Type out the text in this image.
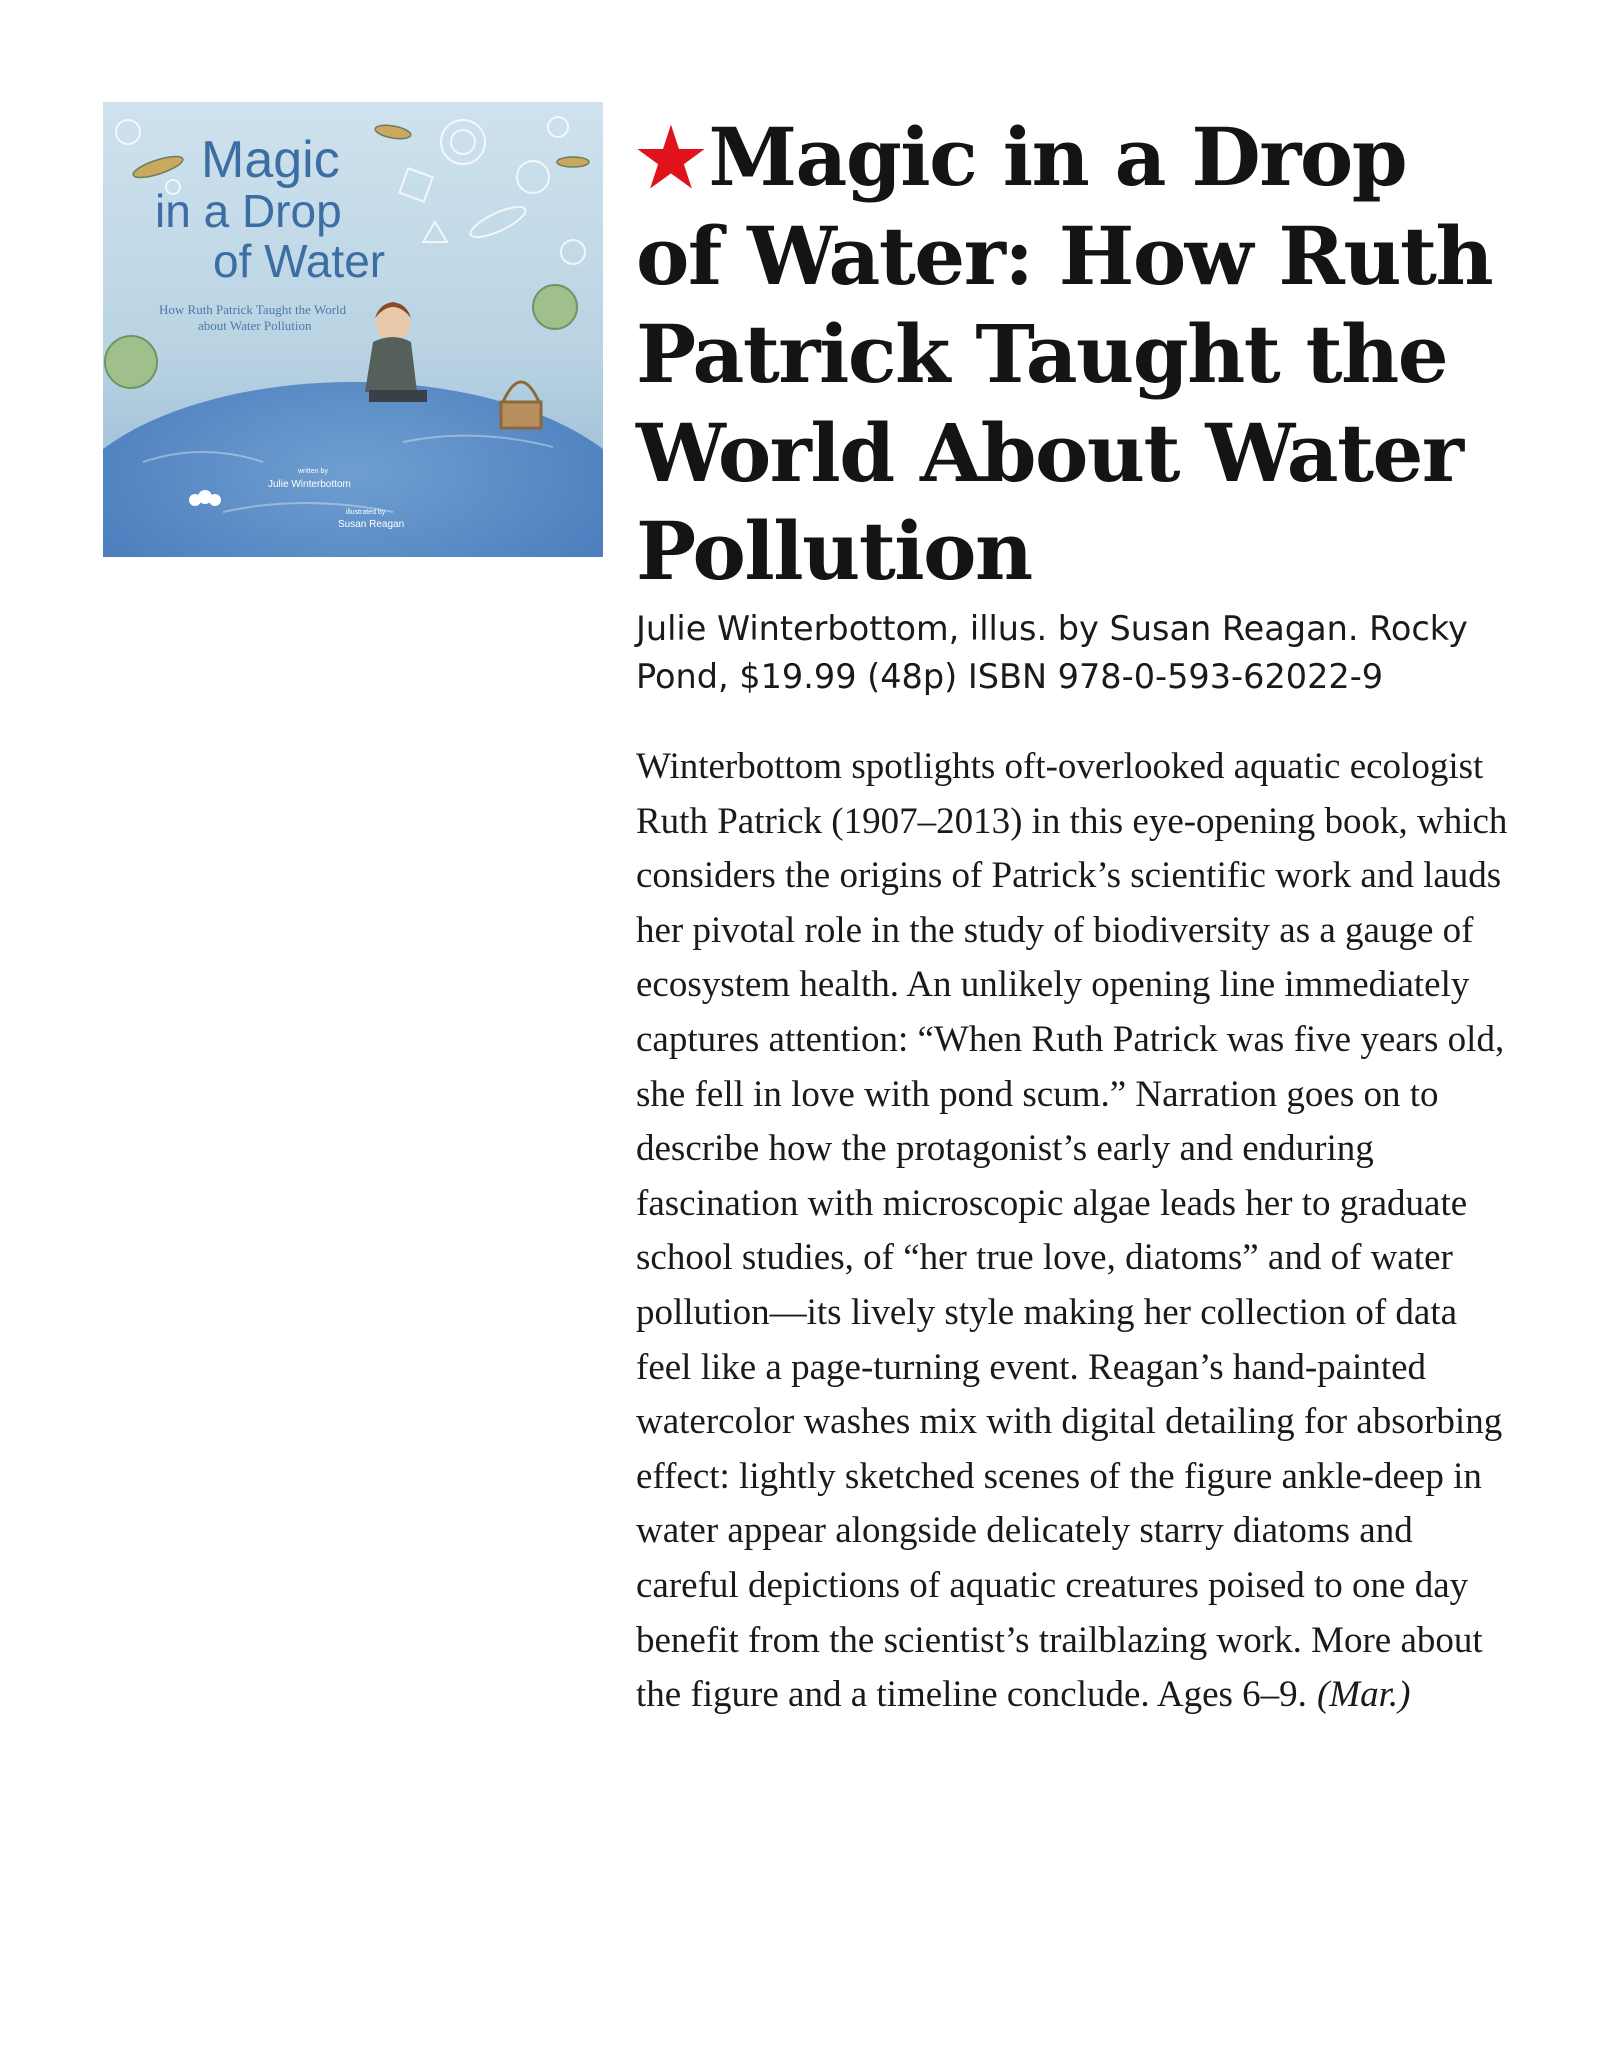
Magic
in a Drop
of Water
How Ruth Patrick Taught the World
about Water Pollution
written by
Julie Winterbottom
illustrated by
Susan Reagan
★Magic in a Drop of Water: How Ruth Patrick Taught the World About Water Pollution

Julie Winterbottom, illus. by Susan Reagan. Rocky Pond, $19.99 (48p) ISBN 978-0-593-62022-9

Winterbottom spotlights oft-overlooked aquatic ecologist Ruth Patrick (1907–2013) in this eye-opening book, which considers the origins of Patrick’s scientific work and lauds her pivotal role in the study of biodiversity as a gauge of ecosystem health. An unlikely opening line immediately captures attention: “When Ruth Patrick was five years old, she fell in love with pond scum.” Narration goes on to describe how the protagonist’s early and enduring fascination with microscopic algae leads her to graduate school studies, of “her true love, diatoms” and of water pollution—its lively style making her collection of data feel like a page-turning event. Reagan’s hand-painted watercolor washes mix with digital detailing for absorbing effect: lightly sketched scenes of the figure ankle-deep in water appear alongside delicately starry diatoms and careful depictions of aquatic creatures poised to one day benefit from the scientist’s trailblazing work. More about the figure and a timeline conclude. Ages 6–9. (Mar.)
